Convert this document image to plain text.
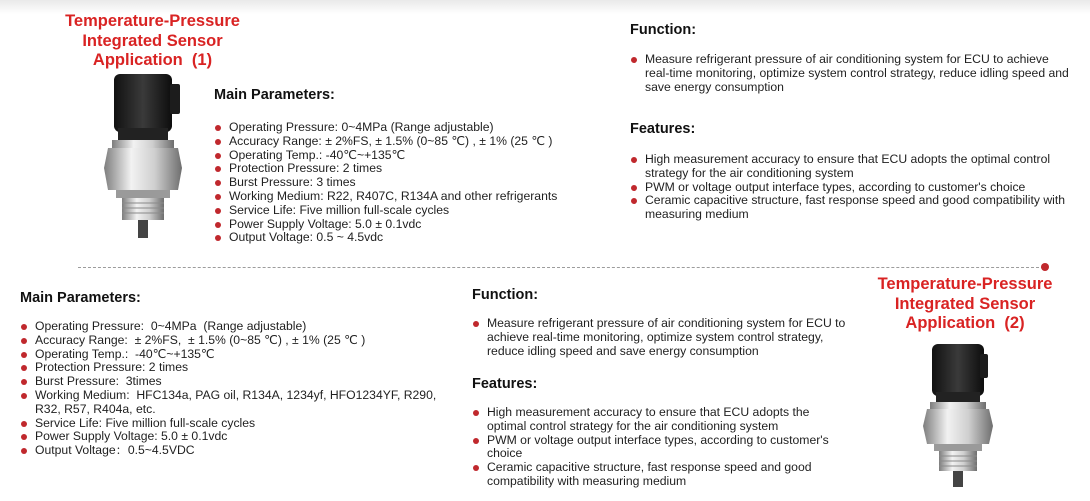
Temperature-Pressure
Integrated Sensor
Application  (1)
Main Parameters:
Operating Pressure: 0~4MPa (Range adjustable)
Accuracy Range: ± 2%FS, ± 1.5% (0~85 ℃) , ± 1% (25 ℃ )
Operating Temp.: -40℃~+135℃
Protection Pressure: 2 times
Burst Pressure: 3 times
Working Medium: R22, R407C, R134A and other refrigerants
Service Life: Five million full-scale cycles
Power Supply Voltage: 5.0 ± 0.1vdc
Output Voltage: 0.5 ~ 4.5vdc
Function:
Measure refrigerant pressure of air conditioning system for ECU to achieve real-time monitoring, optimize system control strategy, reduce idling speed and save energy consumption
Features:
High measurement accuracy to ensure that ECU adopts the optimal control strategy for the air conditioning system
PWM or voltage output interface types, according to customer's choice
Ceramic capacitive structure, fast response speed and good compatibility with measuring medium
Main Parameters:
Operating Pressure:  0~4MPa  (Range adjustable)
Accuracy Range:  ± 2%FS,  ± 1.5% (0~85 ℃) , ± 1% (25 ℃ )
Operating Temp.:  -40℃~+135℃
Protection Pressure: 2 times
Burst Pressure:  3times
Working Medium:  HFC134a, PAG oil, R134A, 1234yf, HFO1234YF, R290, R32, R57, R404a, etc.
Service Life: Five million full-scale cycles
Power Supply Voltage: 5.0 ± 0.1vdc
Output Voltage：0.5~4.5VDC
Function:
Measure refrigerant pressure of air conditioning system for ECU to achieve real-time monitoring, optimize system control strategy, reduce idling speed and save energy consumption
Features:
High measurement accuracy to ensure that ECU adopts the optimal control strategy for the air conditioning system
PWM or voltage output interface types, according to customer's choice
Ceramic capacitive structure, fast response speed and good compatibility with measuring medium
Temperature-Pressure
Integrated Sensor
Application  (2)
